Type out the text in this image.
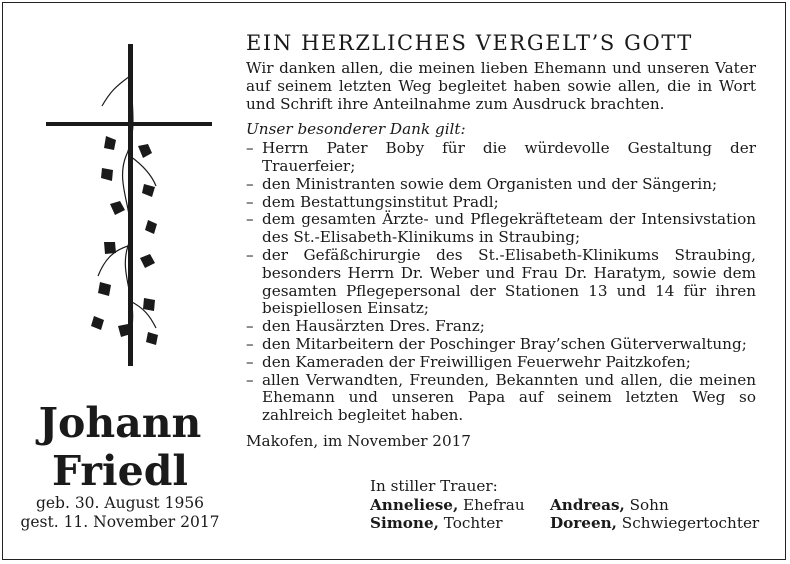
Johann
Friedl
geb. 30. August 1956
gest. 11. November 2017
EIN HERZLICHES VERGELT’S GOTT

Wir danken allen, die meinen lieben Ehemann und unseren Vater auf seinem letzten Weg begleitet haben sowie allen, die in Wort und Schrift ihre Anteilnahme zum Ausdruck brachten.

Unser besonderer Dank gilt:

– Herrn Pater Boby für die würdevolle Gestaltung der Trauerfeier;
– den Ministranten sowie dem Organisten und der Sängerin;
– dem Bestattungsinstitut Pradl;
– dem gesamten Ärzte- und Pflegekräfteteam der Intensivstation des St.-Elisabeth-Klinikums in Straubing;
– der Gefäßchirurgie des St.-Elisabeth-Klinikums Straubing, besonders Herrn Dr. Weber und Frau Dr. Haratym, sowie dem gesamten Pflegepersonal der Stationen 13 und 14 für ihren beispiellosen Einsatz;
– den Hausärzten Dres. Franz;
– den Mitarbeitern der Poschinger Bray’schen Güterverwaltung;
– den Kameraden der Freiwilligen Feuerwehr Paitzkofen;
– allen Verwandten, Freunden, Bekannten und allen, die meinen Ehemann und unseren Papa auf seinem letzten Weg so zahlreich begleitet haben.

Makofen, im November 2017

In stiller Trauer:

Anneliese, Ehefrau	Andreas, Sohn
Simone, Tochter	Doreen, Schwiegertochter
